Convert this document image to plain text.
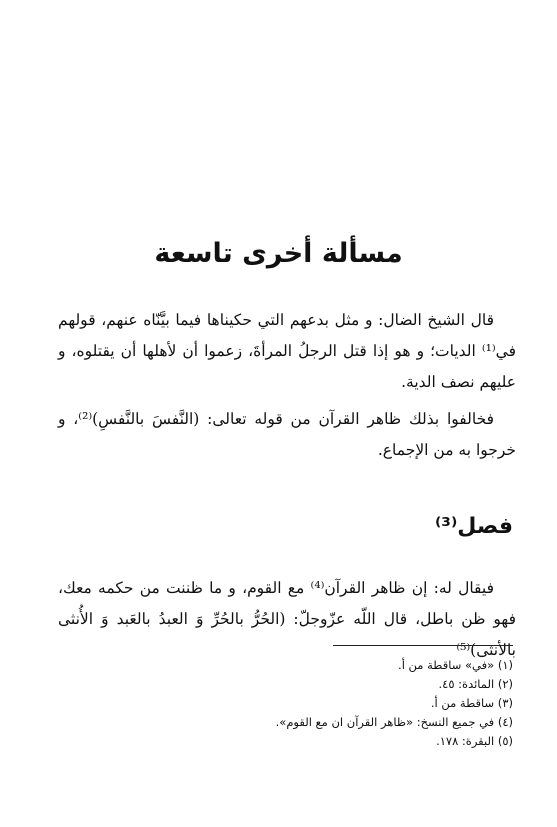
مسألة أخرى تاسعة

قال الشيخ الضال: و مثل بدعهم التي حكيناها فيما بيَّنّاه عنهم، قولهم في⁽¹⁾ الديات؛ و هو إذا قتل الرجلُ المرأةَ، زعموا أن لأهلها أن يقتلوه، و عليهم نصف الدية.

فخالفوا بذلك ظاهر القرآن من قوله تعالى: (النَّفسَ بالنَّفسِ)⁽²⁾، و خرجوا به من الإجماع.

فصل⁽³⁾

فيقال له: إن ظاهر القرآن⁽⁴⁾ مع القوم، و ما ظننت من حكمه معك، فهو ظن باطل، قال اللّه عزّوجلّ: (الحُرُّ بالحُرِّ وَ العبدُ بالعَبد وَ الأُنثى بالأنثى)⁽⁵⁾

(١) «في» ساقطة من أ.
(٢) المائدة: ٤٥.
(٣) ساقطة من أ.
(٤) في جميع النسخ: «ظاهر القرآن ان مع القوم».
(٥) البقرة: ١٧٨.
